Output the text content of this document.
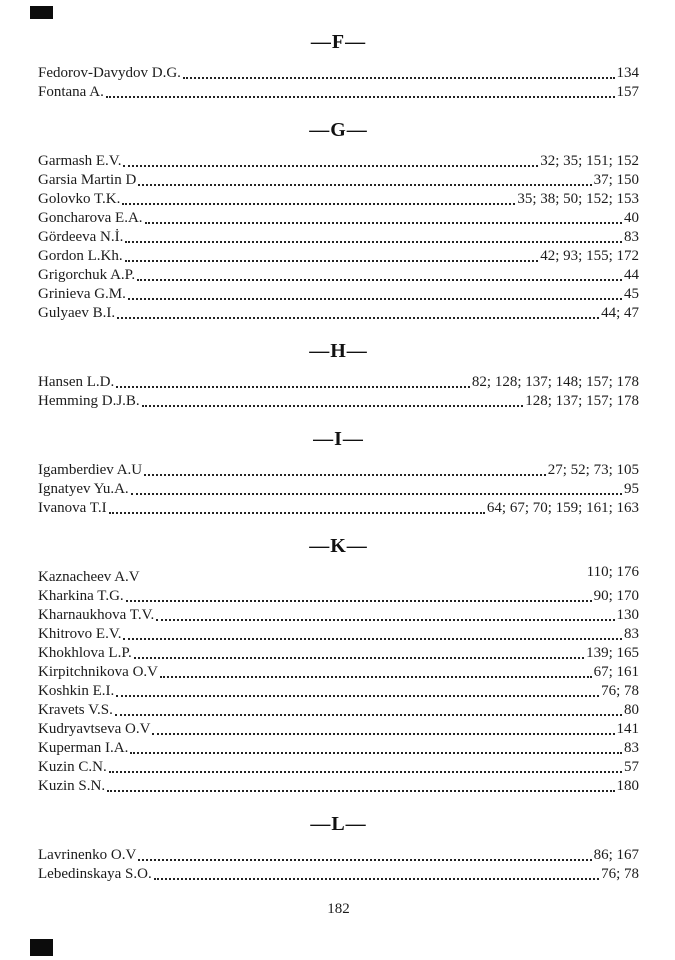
—F—
Fedorov-Davydov D.G.	134
Fontana A.	157
—G—
Garmash E.V.	32; 35; 151; 152
Garsia Martin D	37; 150
Golovko T.K.	35; 38; 50; 152; 153
Goncharova E.A.	40
Gördeeva N.İ.	83
Gordon L.Kh.	42; 93; 155; 172
Grigorchuk A.P.	44
Grinieva G.M.	45
Gulyaev B.I.	44; 47
—H—
Hansen L.D.	82; 128; 137; 148; 157; 178
Hemming D.J.B.	128; 137; 157; 178
—I—
Igamberdiev A.U	27; 52; 73; 105
Ignatyev Yu.A.	95
Ivanova T.I	64; 67; 70; 159; 161; 163
—K—
Kaznacheev A.V	110; 176
Kharkina T.G.	90; 170
Kharnaukhova T.V.	130
Khitrovo E.V.	83
Khokhlova L.P.	139; 165
Kirpitchnikova O.V	67; 161
Koshkin E.I.	76; 78
Kravets V.S.	80
Kudryavtseva O.V	141
Kuperman I.A.	83
Kuzin C.N.	57
Kuzin S.N.	180
—L—
Lavrinenko O.V	86; 167
Lebedinskaya S.O.	76; 78
182
